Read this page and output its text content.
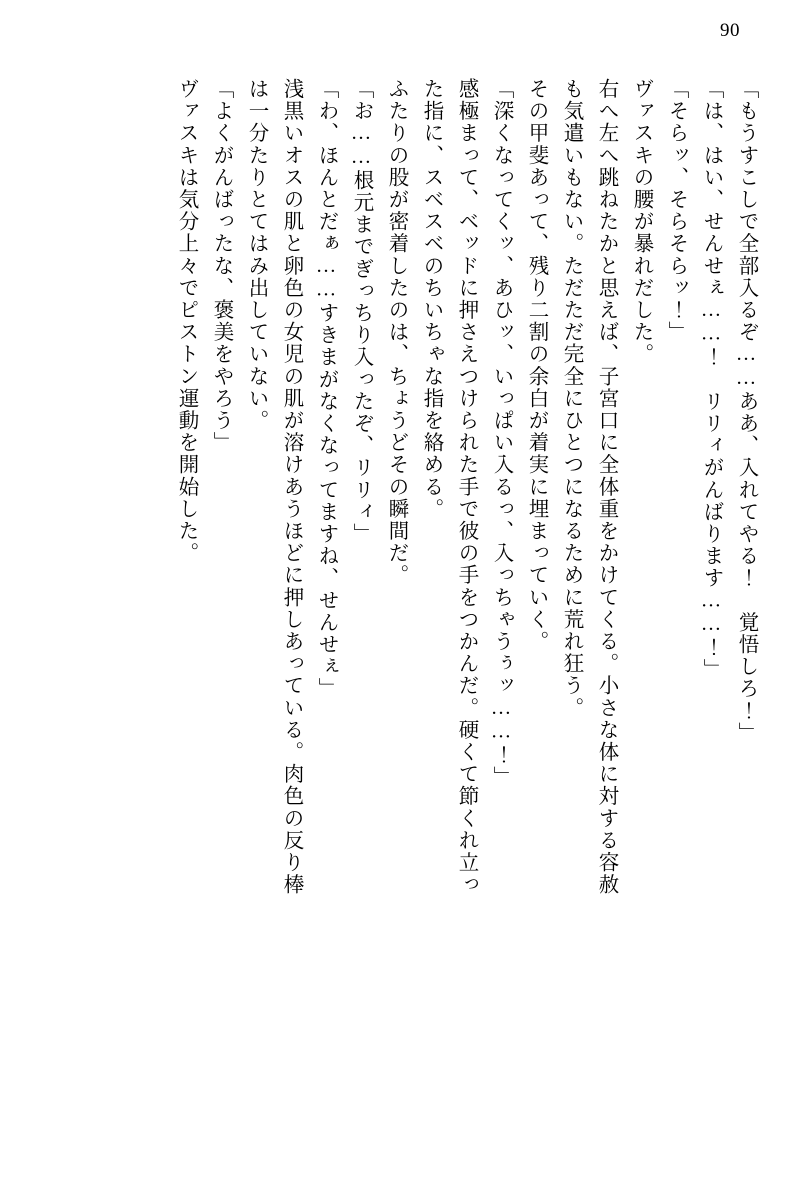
90
「もうすこしで全部入るぞ……ああ、入れてやる！　覚悟しろ！」
「は、はい、せんせぇ……！　リリィがんばります……！」
「そらッ、そらそらッ！」
ヴァスキの腰が暴れだした。
右へ左へ跳ねたかと思えば、子宮口に全体重をかけてくる。小さな体に対する容赦
も気遣いもない。ただただ完全にひとつになるために荒れ狂う。
その甲斐あって、残り二割の余白が着実に埋まっていく。
「深くなってくッ、あひッ、いっぱい入るっ、入っちゃうぅッ……！」
感極まって、ベッドに押さえつけられた手で彼の手をつかんだ。硬くて節くれ立っ
た指に、スベスベのちいちゃな指を絡める。
ふたりの股が密着したのは、ちょうどその瞬間だ。
「お……根元までぎっちり入ったぞ、リリィ」
「わ、ほんとだぁ……すきまがなくなってますね、せんせぇ」
浅黒いオスの肌と卵色の女児の肌が溶けあうほどに押しあっている。肉色の反り棒
は一分たりとてはみ出していない。
「よくがんばったな、褒美をやろう」
ヴァスキは気分上々でピストン運動を開始した。
